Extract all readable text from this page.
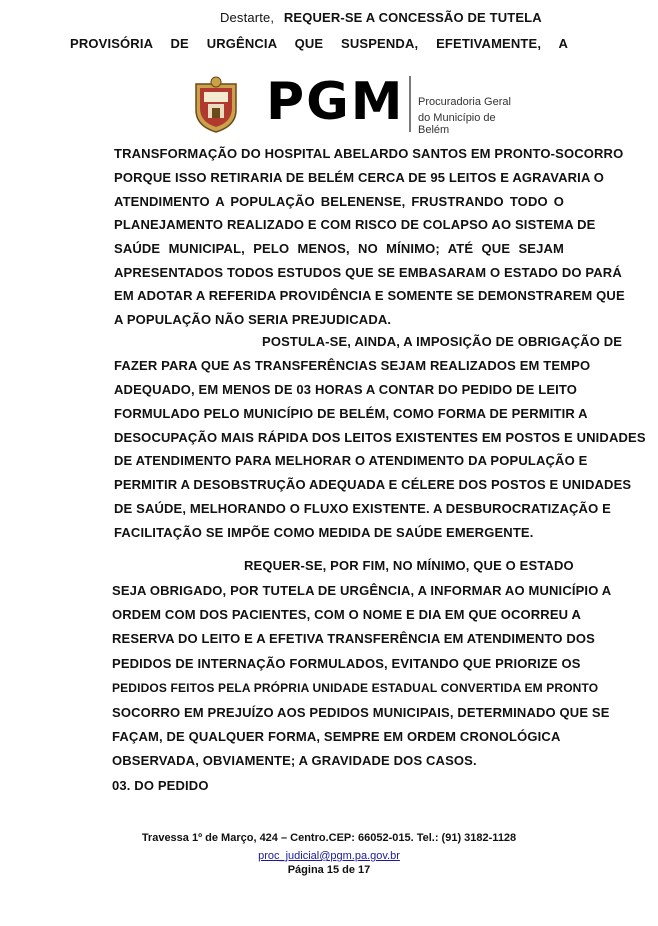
Destarte, REQUER-SE A CONCESSÃO DE TUTELA
PROVISÓRIA DE URGÊNCIA QUE SUSPENDA, EFETIVAMENTE, A
PGM Procuradoria Geral
do Município de Belém
TRANSFORMAÇÃO DO HOSPITAL ABELARDO SANTOS EM PRONTO-SOCORRO
PORQUE ISSO RETIRARIA DE BELÉM CERCA DE 95 LEITOS E AGRAVARIA O
ATENDIMENTO A POPULAÇÃO BELENENSE, FRUSTRANDO TODO O
PLANEJAMENTO REALIZADO E COM RISCO DE COLAPSO AO SISTEMA DE
SAÚDE MUNICIPAL, PELO MENOS, NO MÍNIMO; ATÉ QUE SEJAM
APRESENTADOS TODOS ESTUDOS QUE SE EMBASARAM O ESTADO DO PARÁ
EM ADOTAR A REFERIDA PROVIDÊNCIA E SOMENTE SE DEMONSTRAREM QUE
A POPULAÇÃO NÃO SERIA PREJUDICADA.
POSTULA-SE, AINDA, A IMPOSIÇÃO DE OBRIGAÇÃO DE
FAZER PARA QUE AS TRANSFERÊNCIAS SEJAM REALIZADOS EM TEMPO
ADEQUADO, EM MENOS DE 03 HORAS A CONTAR DO PEDIDO DE LEITO
FORMULADO PELO MUNICÍPIO DE BELÉM, COMO FORMA DE PERMITIR A
DESOCUPAÇÃO MAIS RÁPIDA DOS LEITOS EXISTENTES EM POSTOS E UNIDADES
DE ATENDIMENTO PARA MELHORAR O ATENDIMENTO DA POPULAÇÃO E
PERMITIR A DESOBSTRUÇÃO ADEQUADA E CÉLERE DOS POSTOS E UNIDADES
DE SAÚDE, MELHORANDO O FLUXO EXISTENTE. A DESBUROCRATIZAÇÃO E
FACILITAÇÃO SE IMPÕE COMO MEDIDA DE SAÚDE EMERGENTE.
REQUER-SE, POR FIM, NO MÍNIMO, QUE O ESTADO
SEJA OBRIGADO, POR TUTELA DE URGÊNCIA, A INFORMAR AO MUNICÍPIO A
ORDEM COM DOS PACIENTES, COM O NOME E DIA EM QUE OCORREU A
RESERVA DO LEITO E A EFETIVA TRANSFERÊNCIA EM ATENDIMENTO DOS
PEDIDOS DE INTERNAÇÃO FORMULADOS, EVITANDO QUE PRIORIZE OS
PEDIDOS FEITOS PELA PRÓPRIA UNIDADE ESTADUAL CONVERTIDA EM PRONTO
SOCORRO EM PREJUÍZO AOS PEDIDOS MUNICIPAIS, DETERMINADO QUE SE
FAÇAM, DE QUALQUER FORMA, SEMPRE EM ORDEM CRONOLÓGICA
OBSERVADA, OBVIAMENTE; A GRAVIDADE DOS CASOS.
03. DO PEDIDO
Travessa 1º de Março, 424 – Centro.CEP: 66052-015. Tel.: (91) 3182-1128
proc_judicial@pgm.pa.gov.br
Página 15 de 17
